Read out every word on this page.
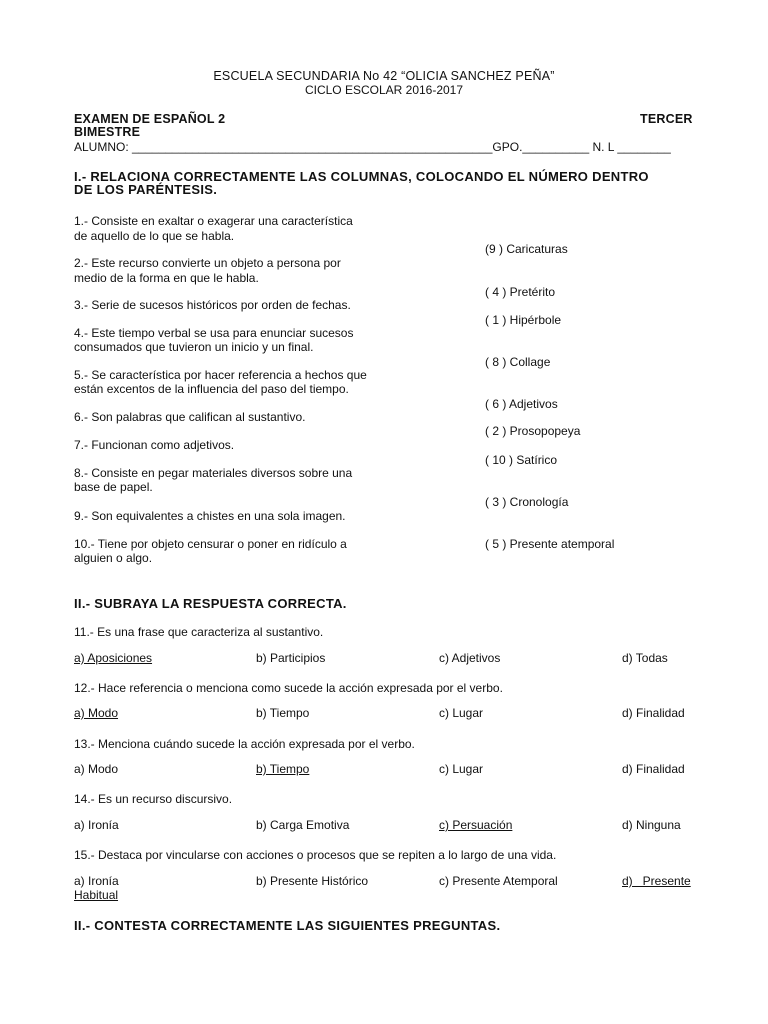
ESCUELA SECUNDARIA No 42 “OLICIA SANCHEZ PEÑA”
CICLO ESCOLAR 2016-2017
EXAMEN DE ESPAÑOL 2	TERCER
BIMESTRE
ALUMNO: ______________________________________________________GPO.__________ N. L ________
I.- RELACIONA CORRECTAMENTE LAS COLUMNAS, COLOCANDO EL NÚMERO DENTRO
DE LOS PARÉNTESIS.
1.- Consiste en exaltar o exagerar una característica
de aquello de lo que se habla.
2.- Este recurso convierte un objeto a persona por
medio de la forma en que le habla.
3.- Serie de sucesos históricos por orden de fechas.
4.- Este tiempo verbal se usa para enunciar sucesos
consumados que tuvieron un inicio y un final.
5.- Se característica por hacer referencia a hechos que
están excentos de la influencia del paso del tiempo.
6.- Son palabras que califican al sustantivo.
7.- Funcionan como adjetivos.
8.- Consiste en pegar materiales diversos sobre una
base de papel.
9.- Son equivalentes a chistes en una sola imagen.
10.- Tiene por objeto censurar o poner en ridículo a
alguien o algo.
(9 ) Caricaturas
( 4 ) Pretérito
( 1 ) Hipérbole
( 8 ) Collage
( 6 ) Adjetivos
( 2 ) Prosopopeya
( 10 ) Satírico
( 3 ) Cronología
( 5 ) Presente atemporal
II.- SUBRAYA LA RESPUESTA CORRECTA.
11.- Es una frase que caracteriza al sustantivo.
a) Aposiciones	b) Participios	c) Adjetivos	d) Todas
12.- Hace referencia o menciona como sucede la acción expresada por el verbo.
a) Modo	b) Tiempo	c) Lugar	d) Finalidad
13.- Menciona cuándo sucede la acción expresada por el verbo.
a) Modo	b) Tiempo	c) Lugar	d) Finalidad
14.- Es un recurso discursivo.
a) Ironía	b) Carga Emotiva	c) Persuación	d) Ninguna
15.- Destaca por vincularse con acciones o procesos que se repiten a lo largo de una vida.
a) Ironía	b) Presente Histórico	c) Presente Atemporal	d)   Presente
Habitual
II.- CONTESTA CORRECTAMENTE LAS SIGUIENTES PREGUNTAS.
